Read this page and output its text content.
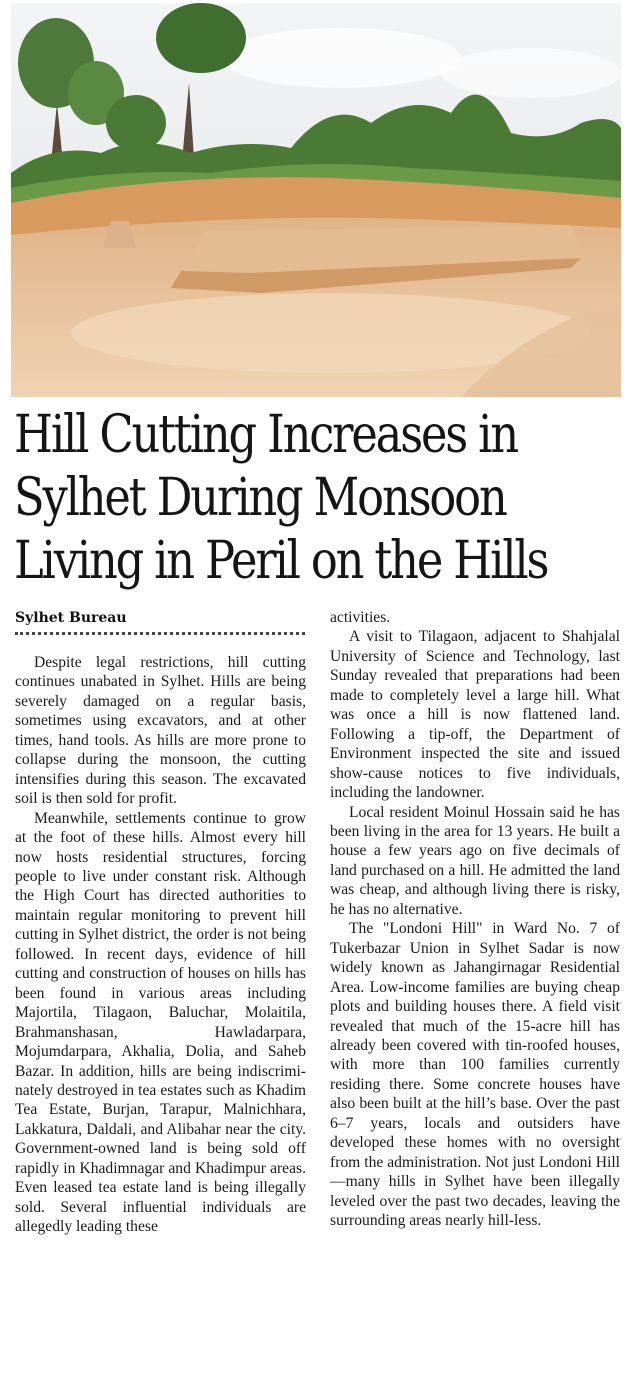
Hill Cutting Increases in
Sylhet During Monsoon
Living in Peril on the Hills
Sylhet Bureau

Despite legal restrictions, hill cutting continues unabated in Sylhet. Hills are being severely damaged on a regular basis, sometimes using excavators, and at other times, hand tools. As hills are more prone to collapse during the monsoon, the cutting intensifies during this season. The excavated soil is then sold for profit.

Meanwhile, settlements continue to grow at the foot of these hills. Almost every hill now hosts residential structures, forcing people to live under constant risk. Although the High Court has directed authorities to maintain regular monitoring to prevent hill cutting in Sylhet district, the order is not being followed. In recent days, evidence of hill cutting and construction of houses on hills has been found in various areas including Majortila, Tilagaon, Baluchar, Molaitila, Brahmanshasan, Hawladarpara, Mojumdarpara, Akhalia, Dolia, and Saheb Bazar. In addition, hills are being indiscriminately destroyed in tea estates such as Khadim Tea Estate, Burjan, Tarapur, Malnichhara, Lakkatura, Daldali, and Alibahar near the city. Government-owned land is being sold off rapidly in Khadimnagar and Khadimpur areas. Even leased tea estate land is being illegally sold. Several influential individuals are allegedly leading these

activities.

A visit to Tilagaon, adjacent to Shahjalal University of Science and Technology, last Sunday revealed that preparations had been made to completely level a large hill. What was once a hill is now flattened land. Following a tip-off, the Department of Environment inspected the site and issued show-cause notices to five individuals, including the landowner.

Local resident Moinul Hossain said he has been living in the area for 13 years. He built a house a few years ago on five decimals of land purchased on a hill. He admitted the land was cheap, and although living there is risky, he has no alternative.

The "Londoni Hill" in Ward No. 7 of Tukerbazar Union in Sylhet Sadar is now widely known as Jahangirnagar Residential Area. Low-income families are buying cheap plots and building houses there. A field visit revealed that much of the 15-acre hill has already been covered with tin-roofed houses, with more than 100 families currently residing there. Some concrete houses have also been built at the hill’s base. Over the past 6–7 years, locals and outsiders have developed these homes with no oversight from the administration. Not just Londoni Hill—many hills in Sylhet have been illegally leveled over the past two decades, leaving the surrounding areas nearly hill-less.
